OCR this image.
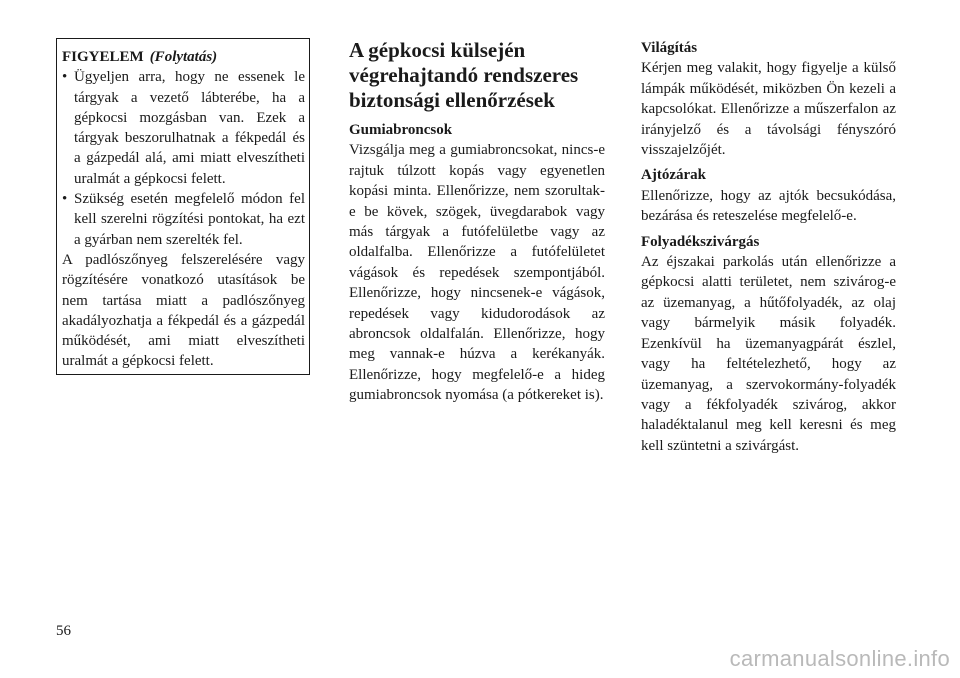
FIGYELEM (Folytatás)
• Ügyeljen arra, hogy ne essenek le tárgyak a vezető lábterébe, ha a gépkocsi mozgásban van. Ezek a tárgyak beszorulhatnak a fékpedál és a gázpedál alá, ami miatt elveszítheti uralmát a gépkocsi felett.
• Szükség esetén megfelelő módon fel kell szerelni rögzítési pontokat, ha ezt a gyárban nem szerelték fel.

A padlószőnyeg felszerelésére vagy rögzítésére vonatkozó utasítások be nem tartása miatt a padlószőnyeg akadályozhatja a fékpedál és a gázpedál működését, ami miatt elveszítheti uralmát a gépkocsi felett.

A gépkocsi külsején végrehajtandó rendszeres biztonsági ellenőrzések

Gumiabroncsok

Vizsgálja meg a gumiabroncsokat, nincs-e rajtuk túlzott kopás vagy egyenetlen kopási minta. Ellenőrizze, nem szorultak-e be kövek, szögek, üvegdarabok vagy más tárgyak a futófelületbe vagy az oldalfalba. Ellenőrizze a futófelületet vágások és repedések szempontjából. Ellenőrizze, hogy nincsenek-e vágások, repedések vagy kidudorodások az abroncsok oldalfalán. Ellenőrizze, hogy meg vannak-e húzva a kerékanyák. Ellenőrizze, hogy megfelelő-e a hideg gumiabroncsok nyomása (a pótkereket is).

Világítás

Kérjen meg valakit, hogy figyelje a külső lámpák működését, miközben Ön kezeli a kapcsolókat. Ellenőrizze a műszerfalon az irányjelző és a távolsági fényszóró visszajelzőjét.

Ajtózárak

Ellenőrizze, hogy az ajtók becsukódása, bezárása és reteszelése megfelelő-e.

Folyadékszivárgás

Az éjszakai parkolás után ellenőrizze a gépkocsi alatti területet, nem szivárog-e az üzemanyag, a hűtőfolyadék, az olaj vagy bármelyik másik folyadék. Ezenkívül ha üzemanyagpárát észlel, vagy ha feltételezhető, hogy az üzemanyag, a szervokormány-folyadék vagy a fékfolyadék szivárog, akkor haladéktalanul meg kell keresni és meg kell szüntetni a szivárgást.

56
carmanualsonline.info
